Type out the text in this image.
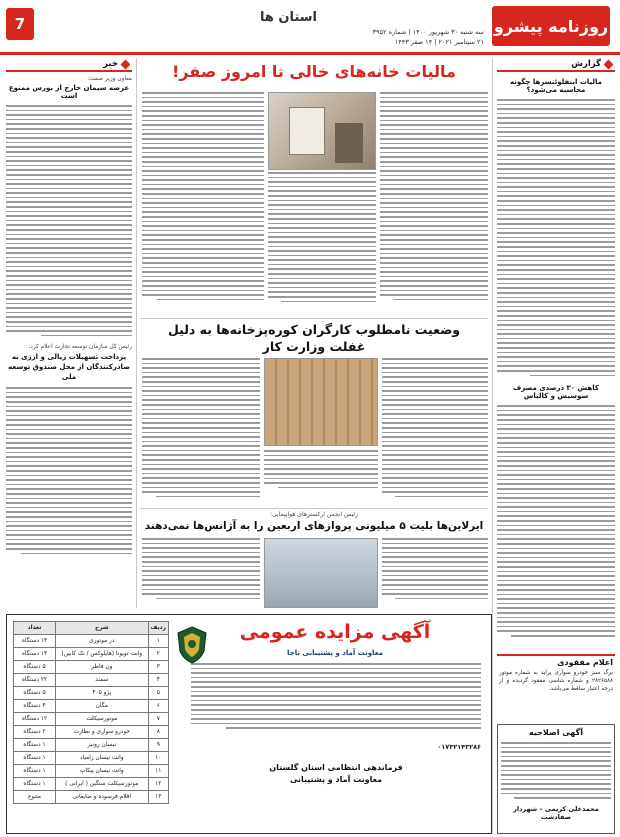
روزنامه پیشرو
سه شنبه ۳۰ شهریور ۱۴۰۰ | شماره ۳۹۵۲
۲۱ سپتامبر ۲۰۲۱ | ۱۴ صفر ۱۴۴۳
استان ها
7
گزارش
مالیات اینفلوئنسرها چگونه محاسبه می‌شود؟
کاهش ۳۰ درصدی مصرف سوسیس و کالباس
اعلام مفقودی
برگ سبز خودرو سواری پراید به شماره موتور ۲۸۲۶۵۸۸ و شماره شاسی مفقود گردیده و از درجه اعتبار ساقط می‌باشد.
آگهی اصلاحیه
محمدعلی کریمی – شهردار صفادشت
خبر
معاون وزیر صمت:
عرضه سیمان خارج از بورس ممنوع است
رئیس کل سازمان توسعه تجارت اعلام کرد:
پرداخت تسهیلات ریالی و ارزی به صادرکنندگان از محل صندوق توسعه ملی
مالیات خانه‌های خالی تا امروز صفر!
وضعیت نامطلوب کارگران کوره‌پزخانه‌ها به دلیل
غفلت وزارت کار
رئیس انجمن ارکستر‌های هواپیمایی:
ایرلاین‌ها بلیت ۵ میلیونی پروازهای اربعین را به آژانس‌ها نمی‌دهند
آگهی مزایده عمومی
معاونت آماد و پشتیبانی ناجا
۰۱۷۳۲۱۴۳۲۸۶
فرماندهی انتظامی استان گلستان
معاونت آماد و پشتیبانی
ردیف	شرح	تعداد
۱	در موتوری	۱۴ دستگاه
۲	وانت تویوتا (هایلوکس / تک کابین)	۱۴ دستگاه
۳	ون فاطر	۵ دستگاه
۴	سمند	۲۲ دستگاه
۵	پژو ۴۰۵	۵ دستگاه
۶	مگان	۴ دستگاه
۷	موتورسیکلت	۱۲ دستگاه
۸	خودرو سواری و نظارت	۲ دستگاه
۹	نیسان رونیز	۱ دستگاه
۱۰	وانت نیسان زامیاد	۱ دستگاه
۱۱	وانت نیسان پیکاپ	۱ دستگاه
۱۲	موتورسیکلت سنگین ( ایرانی )	۱ دستگاه
۱۳	اقلام فرسوده و ضایعاتی	متنوع
